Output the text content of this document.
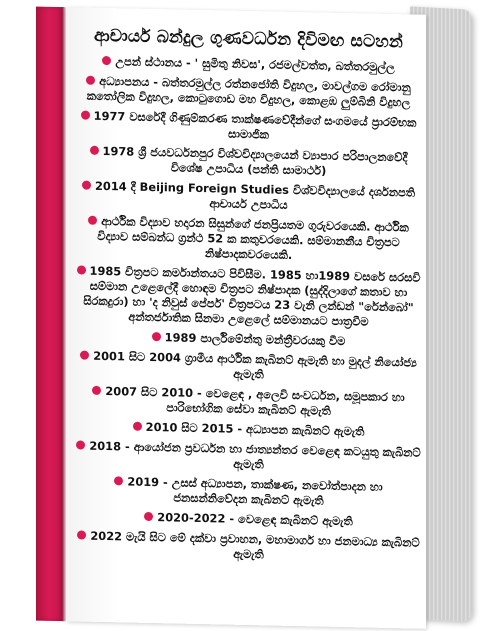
ආචාර්ය බන්දුල ගුණවර්ධන දිවිමඟ සටහන්
උපන් ස්ථානය - ' සුමිතු නිවස', රජමල්වත්ත, බත්තරමුල්ල
අධ්‍යාපනය - බත්තරමුල්ල රත්නජෝති විදුහල, මාවල්ගම රෝමානු කතෝලික විදුහල, කොටුගොඩ මහ විදුහල, කොළඹ ලුම්බිනි විදුහල
1977 වසරේදී ගිණුම්කරණ තාක්ෂණවේදීන්ගේ සංගමයේ ප්‍රාරම්භක සාමාජික
1978 ශ්‍රී ජයවර්ධනපුර විශ්වවිද්‍යාලයෙන් ව්‍යාපාර පරිපාලනවේදී විශේෂ උපාධිය (පන්ති සාමාර්ථ)
2014 දී Beijing Foreign Studies විශ්වවිද්‍යාලයේ දර්ශනපති ආචාර්ය උපාධිය
ආර්ථික විද්‍යාව හදාරන සිසුන්ගේ ජනප්‍රියතම ගුරුවරයෙකි. ආර්ථික විද්‍යාව සම්බන්ධ ග්‍රන්ථ 52 ක කතුවරයෙකි. සම්මානනීය චිත්‍රපට නිෂ්පාදකවරයෙකි.
1985 චිත්‍රපට කර්මාන්තයට පිවිසීම. 1985 හා1989 වසරේ සරසවි සම්මාන උළෙලේදී හොඳම චිත්‍රපට නිෂ්පාදක (සුද්දිලාගේ කතාව හා සිරකදුරා) හා 'ද නිවුස් පේපර්' චිත්‍රපටය 23 වැනි ලන්ඩන් "රේන්බෝ" අන්තර්ජාතික සිනමා උළෙලේ සම්මානයට පාත්‍රවීම
1989 පාර්ලිමේන්තු මන්ත්‍රීවරයකු වීම
2001 සිට 2004 ග්‍රාමීය ආර්ථික කැබිනට් ඇමැති හා මුදල් නියෝජ්‍ය ඇමැති
2007 සිට 2010 - වෙළෙඳ , අලෙවි සංවර්ධන, සමූපකාර හා පාරිභෝගික සේවා කැබිනට් ඇමැති
2010 සිට 2015 - අධ්‍යාපන කැබිනට් ඇමැති
2018 - ආයෝජන ප්‍රවර්ධන හා ජාත්‍යන්තර වෙළෙඳ කටයුතු කැබිනට් ඇමැති
2019 - උසස් අධ්‍යාපන, තාක්ෂණ, නවෝත්පාදන හා ජනසන්නිවේදන කැබිනට් ඇමැති
2020-2022 - වෙළෙඳ කැබිනට් ඇමැති
2022 මැයි සිට මේ දක්වා ප්‍රවාහන, මහාමාර්ග හා ජනමාධ්‍ය කැබිනට් ඇමැති
